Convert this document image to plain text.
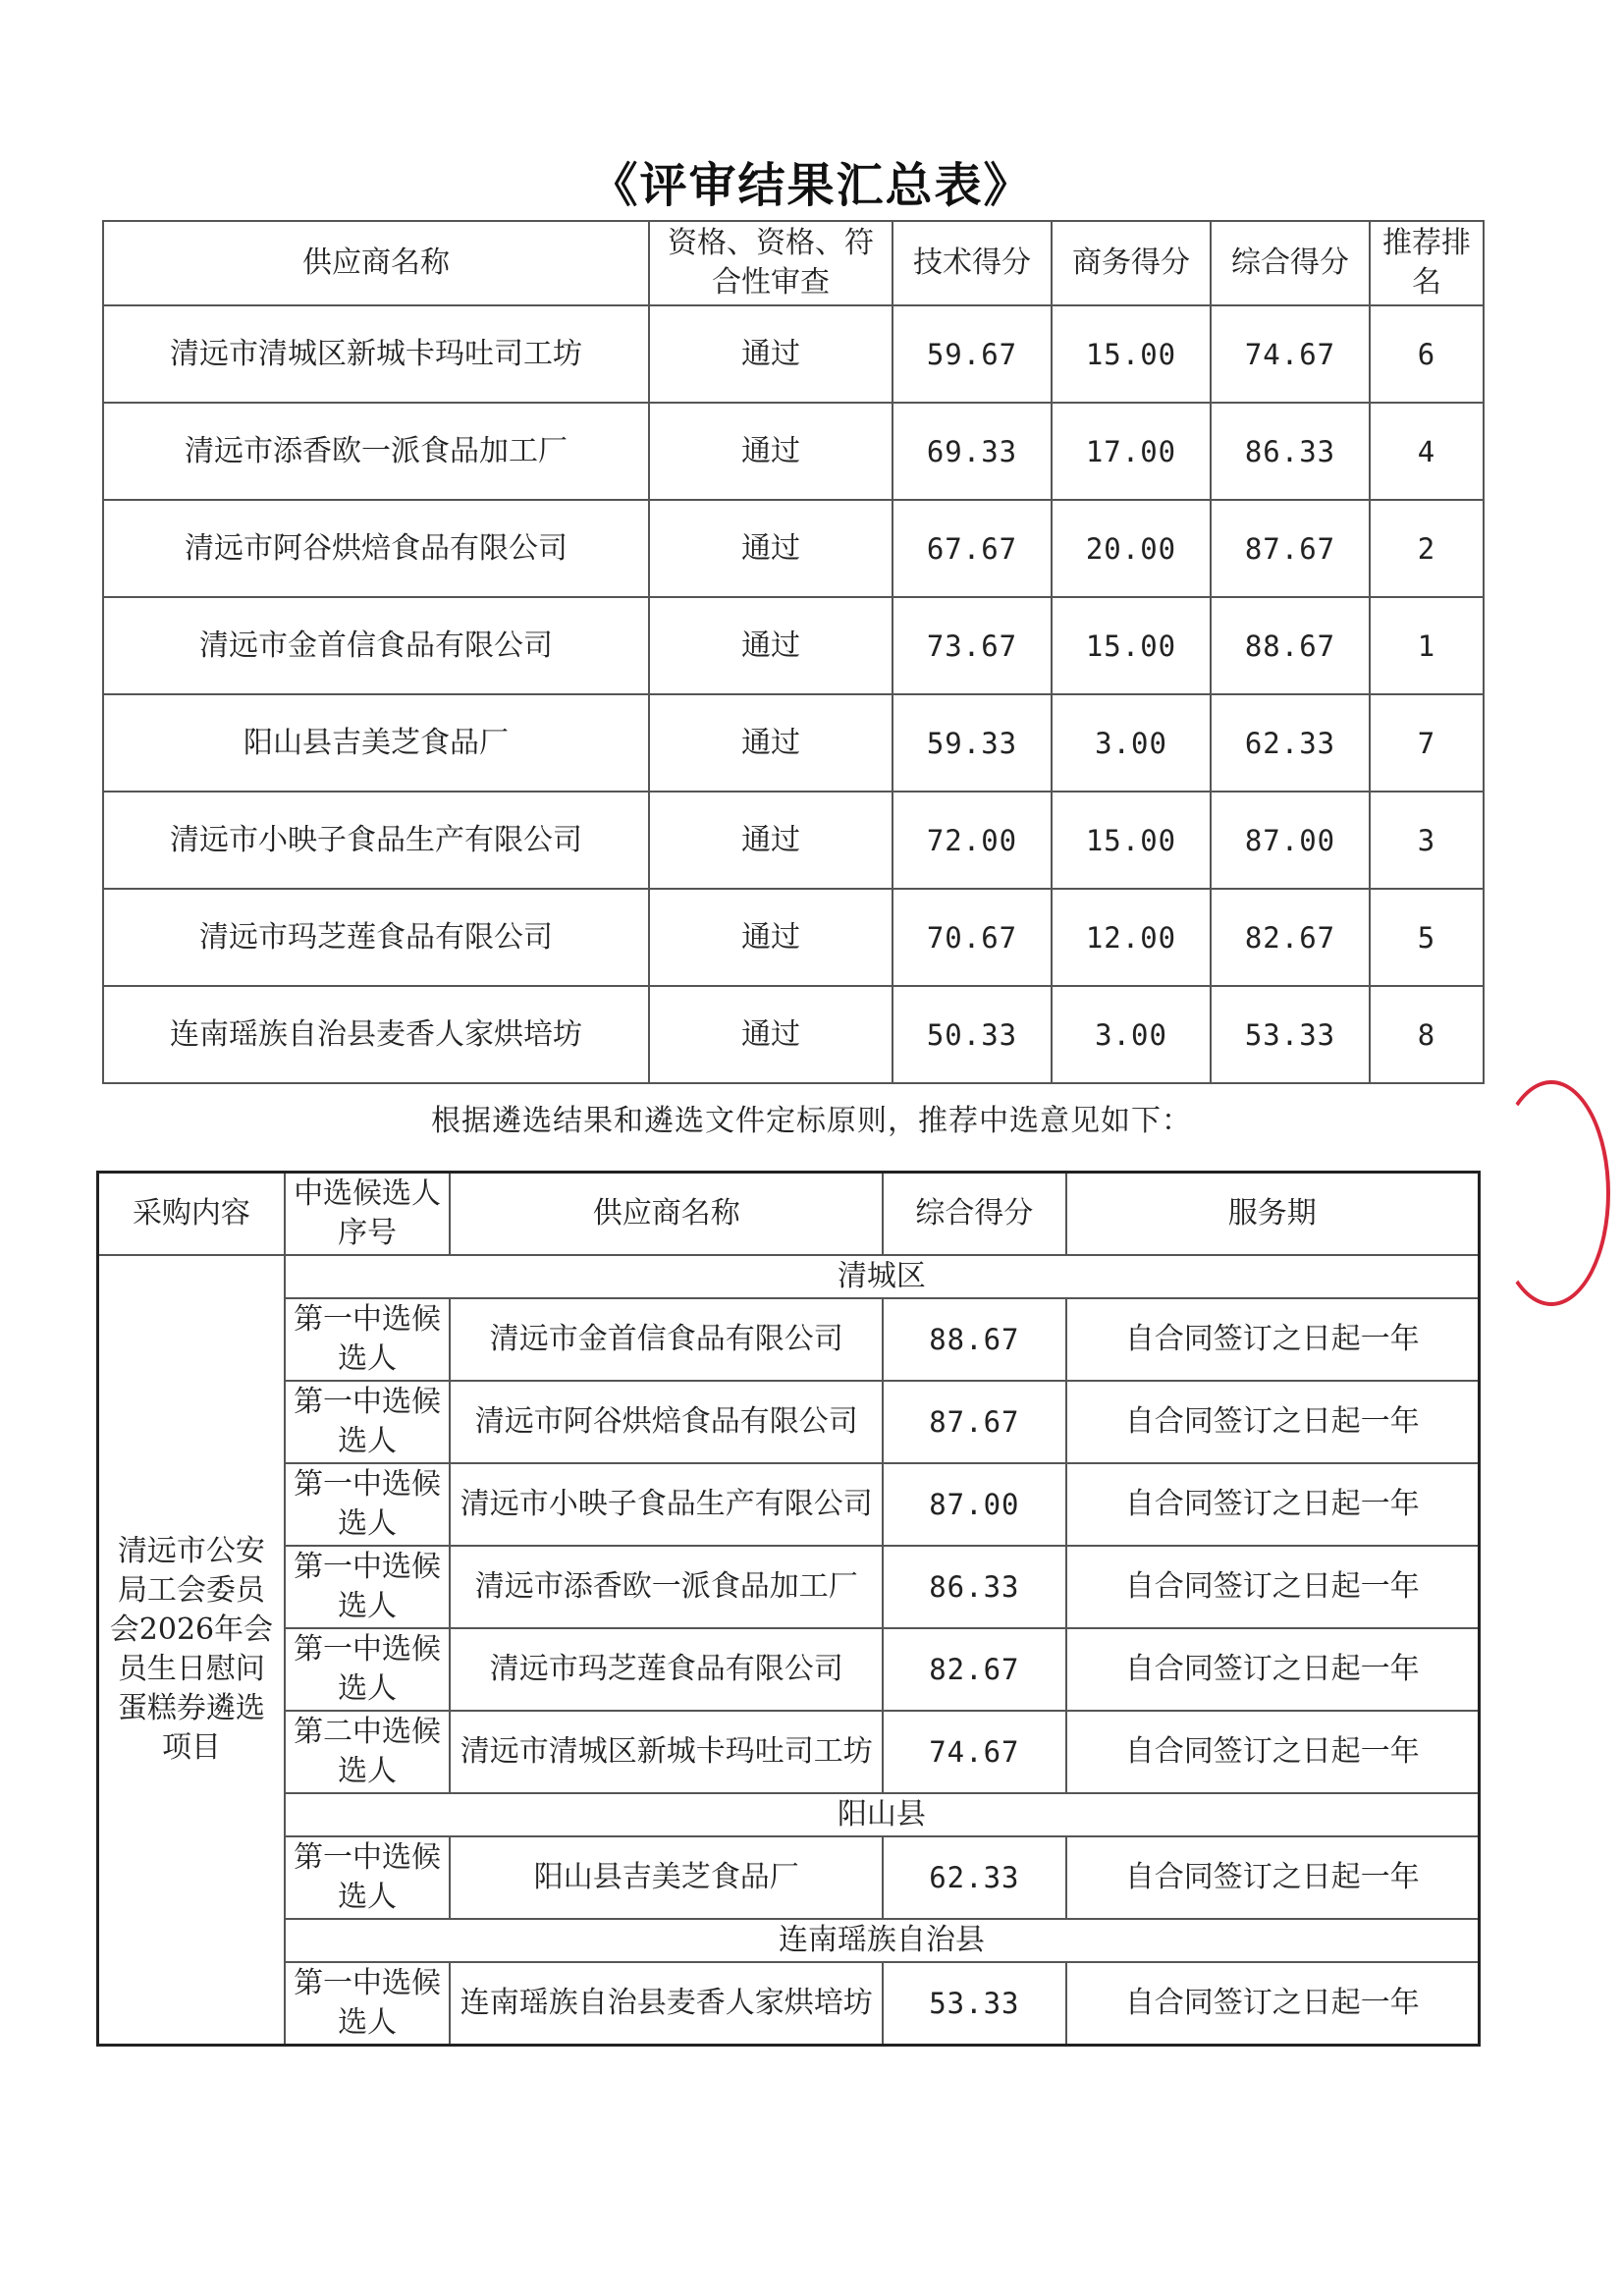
《评审结果汇总表》
供应商名称	资格、资格、符合性审查	技术得分	商务得分	综合得分	推荐排名
清远市清城区新城卡玛吐司工坊	通过	59.67	15.00	74.67	6
清远市添香欧一派食品加工厂	通过	69.33	17.00	86.33	4
清远市阿谷烘焙食品有限公司	通过	67.67	20.00	87.67	2
清远市金首信食品有限公司	通过	73.67	15.00	88.67	1
阳山县吉美芝食品厂	通过	59.33	3.00	62.33	7
清远市小映子食品生产有限公司	通过	72.00	15.00	87.00	3
清远市玛芝莲食品有限公司	通过	70.67	12.00	82.67	5
连南瑶族自治县麦香人家烘培坊	通过	50.33	3.00	53.33	8
根据遴选结果和遴选文件定标原则，推荐中选意见如下：
采购内容	中选候选人序号	供应商名称	综合得分	服务期
清远市公安局工会委员会2026年会员生日慰问蛋糕券遴选项目	清城区			
	第一中选候选人	清远市金首信食品有限公司	88.67	自合同签订之日起一年
	第一中选候选人	清远市阿谷烘焙食品有限公司	87.67	自合同签订之日起一年
	第一中选候选人	清远市小映子食品生产有限公司	87.00	自合同签订之日起一年
	第一中选候选人	清远市添香欧一派食品加工厂	86.33	自合同签订之日起一年
	第一中选候选人	清远市玛芝莲食品有限公司	82.67	自合同签订之日起一年
	第二中选候选人	清远市清城区新城卡玛吐司工坊	74.67	自合同签订之日起一年
	阳山县			
	第一中选候选人	阳山县吉美芝食品厂	62.33	自合同签订之日起一年
	连南瑶族自治县			
	第一中选候选人	连南瑶族自治县麦香人家烘培坊	53.33	自合同签订之日起一年
